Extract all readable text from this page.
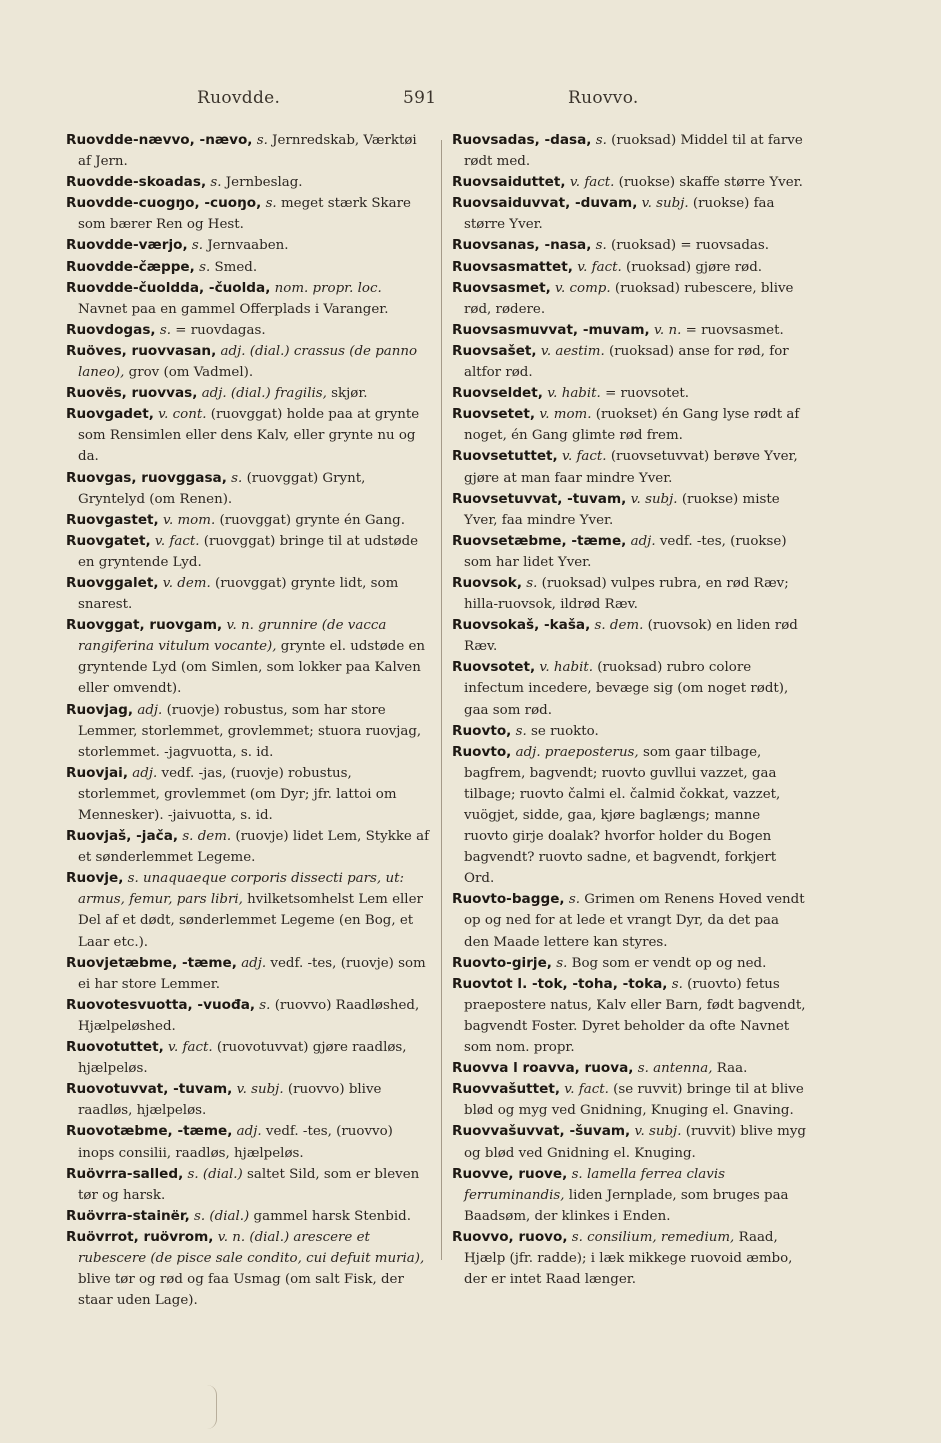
Ruovdde.	591	Ruovvo.

Ruovdde-nævvo, -nævo, s. Jernredskab, Værktøi af Jern.

Ruovdde-skoadas, s. Jernbeslag.

Ruovdde-cuogŋo, -cuoŋo, s. meget stærk Skare som bærer Ren og Hest.

Ruovdde-værjo, s. Jernvaaben.

Ruovdde-čæppe, s. Smed.

Ruovdde-čuoldda, -čuolda, nom. propr. loc. Navnet paa en gammel Offerplads i Varanger.

Ruovdogas, s. = ruovdagas.

Ruöves, ruovvasan, adj. (dial.) crassus (de panno laneo), grov (om Vadmel).

Ruovës, ruovvas, adj. (dial.) fragilis, skjør.

Ruovgadet, v. cont. (ruovggat) holde paa at grynte som Rensimlen eller dens Kalv, eller grynte nu og da.

Ruovgas, ruovggasa, s. (ruovggat) Grynt, Gryntelyd (om Renen).

Ruovgastet, v. mom. (ruovggat) grynte én Gang.

Ruovgatet, v. fact. (ruovggat) bringe til at udstøde en gryntende Lyd.

Ruovggalet, v. dem. (ruovggat) grynte lidt, som snarest.

Ruovggat, ruovgam, v. n. grunnire (de vacca rangiferina vitulum vocante), grynte el. udstøde en gryntende Lyd (om Simlen, som lokker paa Kalven eller omvendt).

Ruovjag, adj. (ruovje) robustus, som har store Lemmer, storlemmet, grovlemmet; stuora ruovjag, storlemmet. -jagvuotta, s. id.

Ruovjai, adj. vedf. -jas, (ruovje) robustus, storlemmet, grovlemmet (om Dyr; jfr. lattoi om Mennesker). -jaivuotta, s. id.

Ruovjaš, -jača, s. dem. (ruovje) lidet Lem, Stykke af et sønderlemmet Legeme.

Ruovje, s. unaquaeque corporis dissecti pars, ut: armus, femur, pars libri, hvilketsomhelst Lem eller Del af et dødt, sønderlemmet Legeme (en Bog, et Laar etc.).

Ruovjetæbme, -tæme, adj. vedf. -tes, (ruovje) som ei har store Lemmer.

Ruovotesvuotta, -vuođa, s. (ruovvo) Raadløshed, Hjælpeløshed.

Ruovotuttet, v. fact. (ruovotuvvat) gjøre raadløs, hjælpeløs.

Ruovotuvvat, -tuvam, v. subj. (ruovvo) blive raadløs, hjælpeløs.

Ruovotæbme, -tæme, adj. vedf. -tes, (ruovvo) inops consilii, raadløs, hjælpeløs.

Ruövrra-salled, s. (dial.) saltet Sild, som er bleven tør og harsk.

Ruövrra-stainër, s. (dial.) gammel harsk Stenbid.

Ruövrrot, ruövrom, v. n. (dial.) arescere et rubescere (de pisce sale condito, cui defuit muria), blive tør og rød og faa Usmag (om salt Fisk, der staar uden Lage).

Ruovsadas, -dasa, s. (ruoksad) Middel til at farve rødt med.

Ruovsaiduttet, v. fact. (ruokse) skaffe større Yver.

Ruovsaiduvvat, -duvam, v. subj. (ruokse) faa større Yver.

Ruovsanas, -nasa, s. (ruoksad) = ruovsadas.

Ruovsasmattet, v. fact. (ruoksad) gjøre rød.

Ruovsasmet, v. comp. (ruoksad) rubescere, blive rød, rødere.

Ruovsasmuvvat, -muvam, v. n. = ruovsasmet.

Ruovsašet, v. aestim. (ruoksad) anse for rød, for altfor rød.

Ruovseldet, v. habit. = ruovsotet.

Ruovsetet, v. mom. (ruokset) én Gang lyse rødt af noget, én Gang glimte rød frem.

Ruovsetuttet, v. fact. (ruovsetuvvat) berøve Yver, gjøre at man faar mindre Yver.

Ruovsetuvvat, -tuvam, v. subj. (ruokse) miste Yver, faa mindre Yver.

Ruovsetæbme, -tæme, adj. vedf. -tes, (ruokse) som har lidet Yver.

Ruovsok, s. (ruoksad) vulpes rubra, en rød Ræv; hilla-ruovsok, ildrød Ræv.

Ruovsokaš, -kaša, s. dem. (ruovsok) en liden rød Ræv.

Ruovsotet, v. habit. (ruoksad) rubro colore infectum incedere, bevæge sig (om noget rødt), gaa som rød.

Ruovto, s. se ruokto.

Ruovto, adj. praeposterus, som gaar tilbage, bagfrem, bagvendt; ruovto guvllui vazzet, gaa tilbage; ruovto čalmi el. čalmid čokkat, vazzet, vuögjet, sidde, gaa, kjøre baglængs; manne ruovto girje doalak? hvorfor holder du Bogen bagvendt? ruovto sadne, et bagvendt, forkjert Ord.

Ruovto-bagge, s. Grimen om Renens Hoved vendt op og ned for at lede et vrangt Dyr, da det paa den Maade lettere kan styres.

Ruovto-girje, s. Bog som er vendt op og ned.

Ruovtot l. -tok, -toha, -toka, s. (ruovto) fetus praepostere natus, Kalv eller Barn, født bagvendt, bagvendt Foster. Dyret beholder da ofte Navnet som nom. propr.

Ruovva l roavva, ruova, s. antenna, Raa.

Ruovvašuttet, v. fact. (se ruvvit) bringe til at blive blød og myg ved Gnidning, Knuging el. Gnaving.

Ruovvašuvvat, -šuvam, v. subj. (ruvvit) blive myg og blød ved Gnidning el. Knuging.

Ruovve, ruove, s. lamella ferrea clavis ferruminandis, liden Jernplade, som bruges paa Baadsøm, der klinkes i Enden.

Ruovvo, ruovo, s. consilium, remedium, Raad, Hjælp (jfr. radde); i læk mikkege ruovoid æmbo, der er intet Raad længer.
